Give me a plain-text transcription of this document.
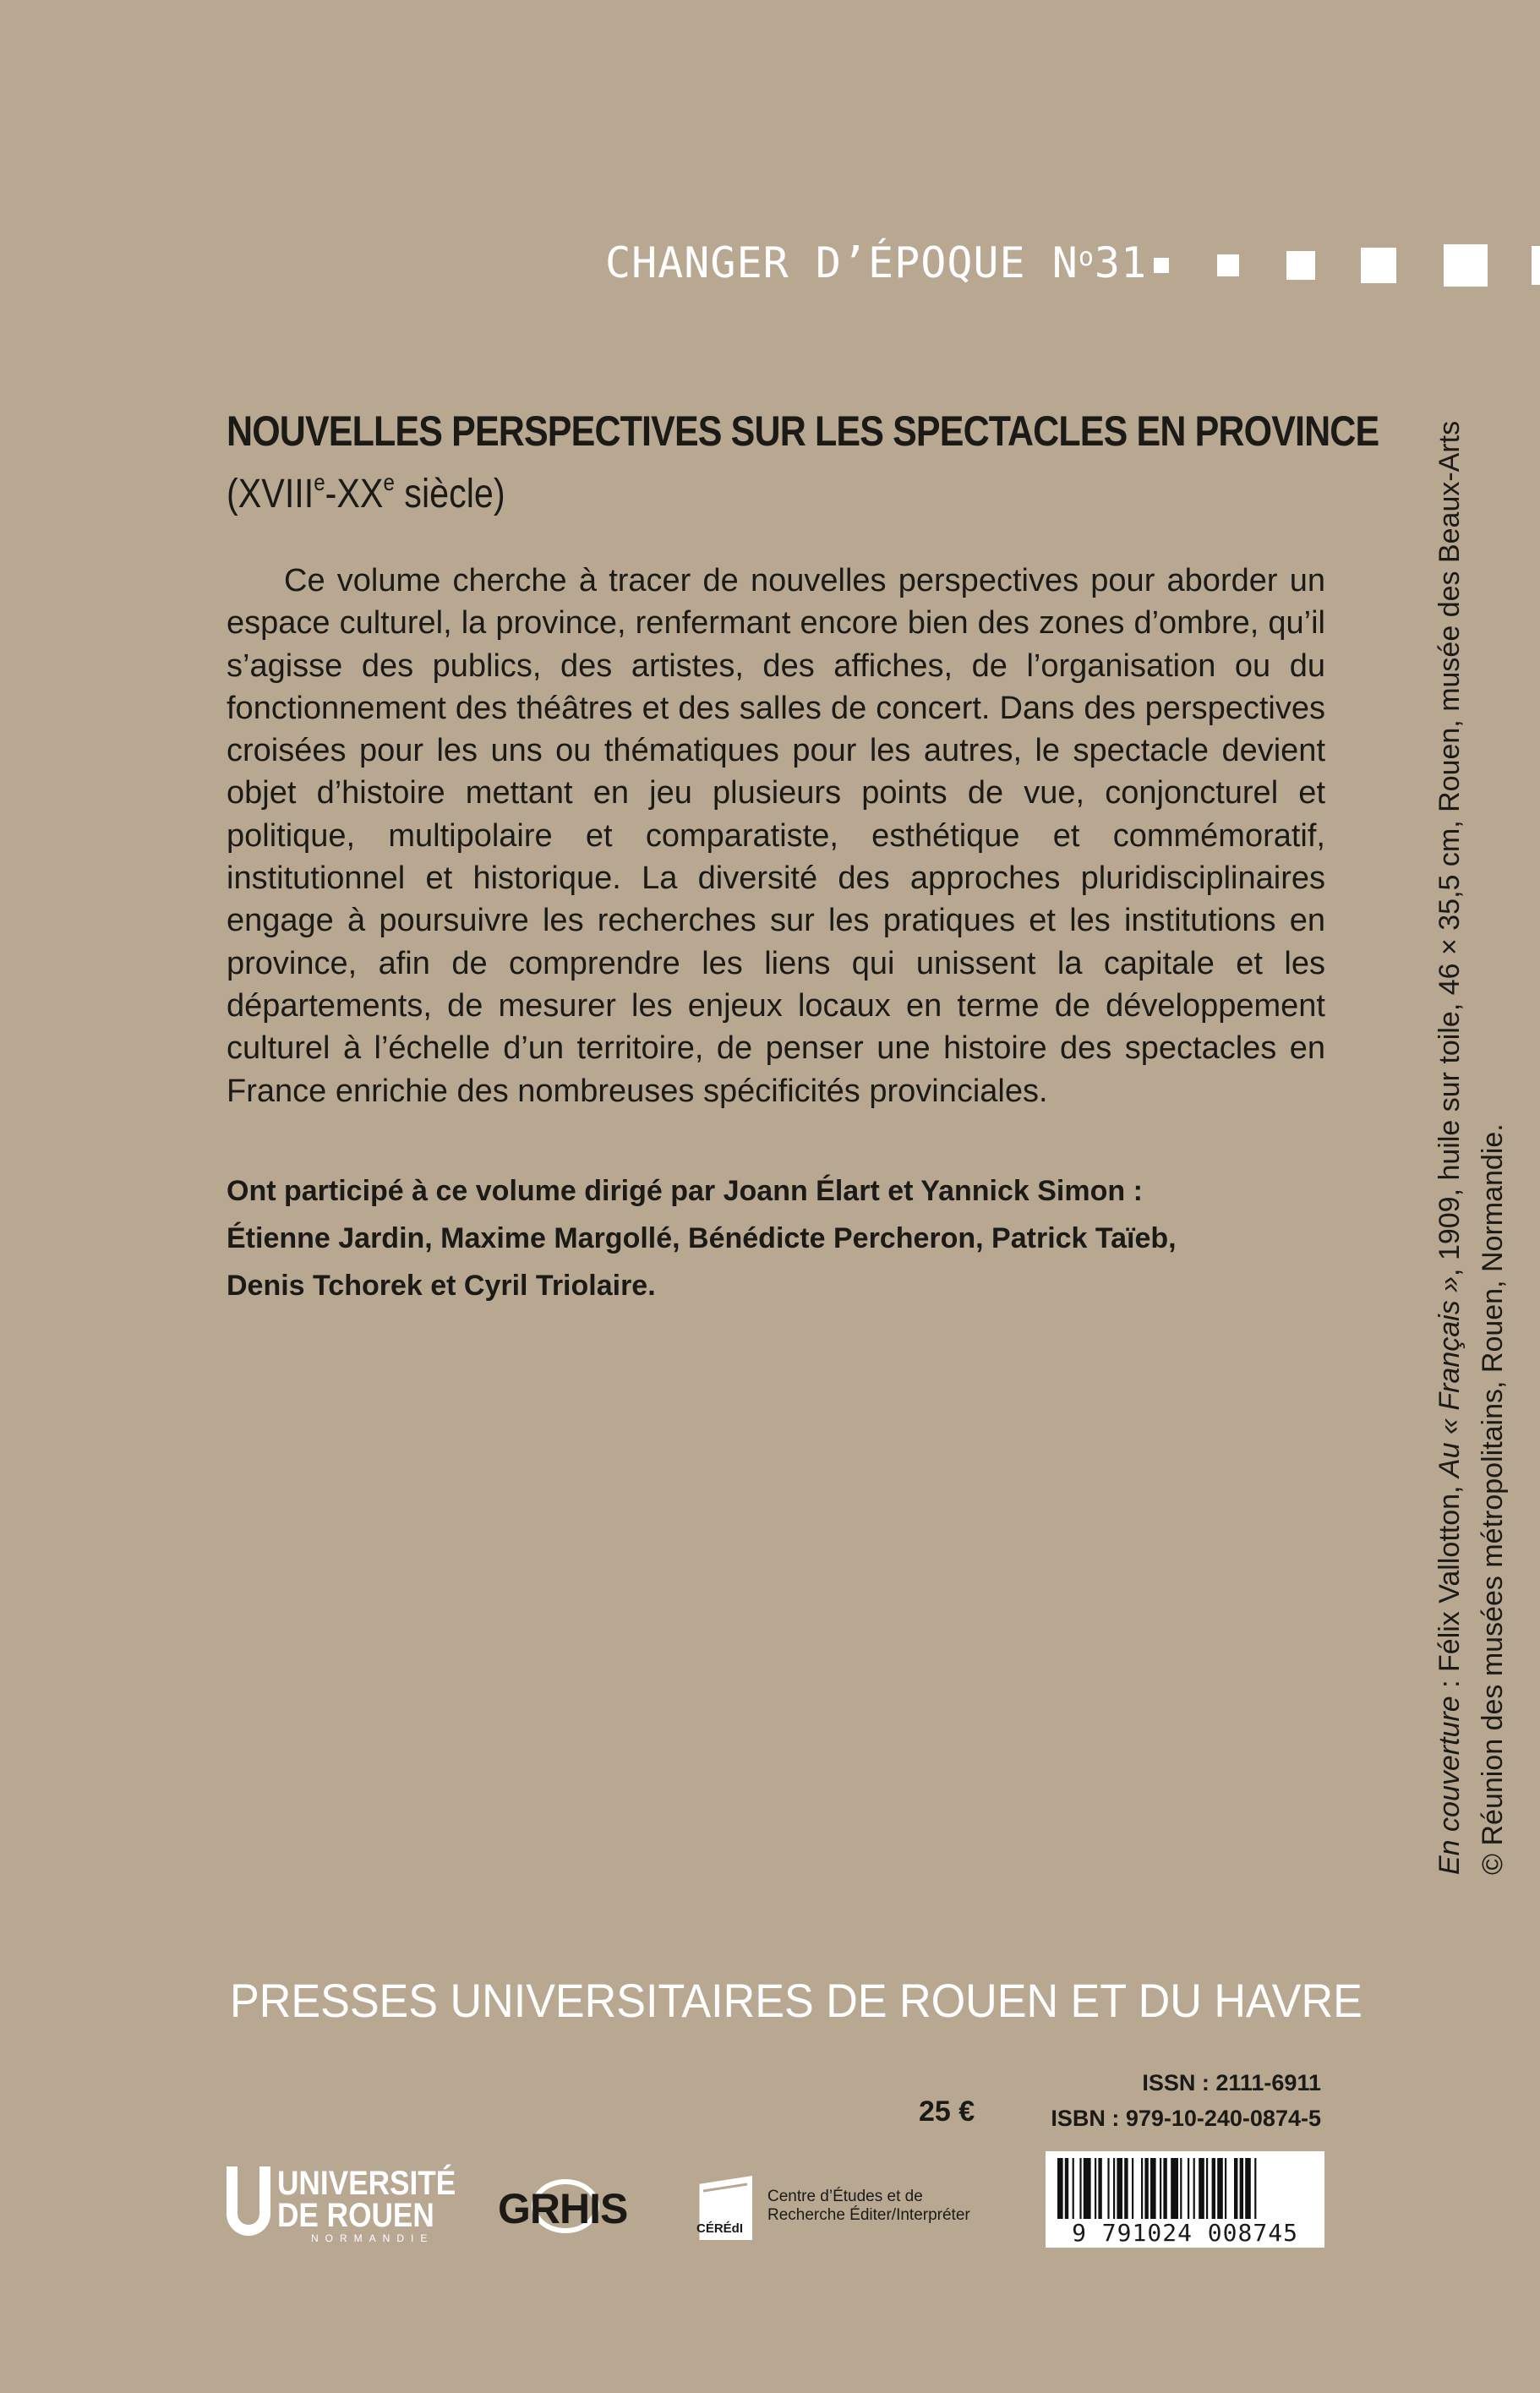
CHANGER D’ÉPOQUE $N^o31$
NOUVELLES PERSPECTIVES SUR LES SPECTACLES EN PROVINCE
(XVIIIe-XXe siècle)

Ce volume cherche à tracer de nouvelles perspectives pour aborder un espace culturel, la province, renfermant encore bien des zones d’ombre, qu’il s’agisse des publics, des artistes, des affiches, de l’organisation ou du fonctionnement des théâtres et des salles de concert. Dans des perspectives croisées pour les uns ou thématiques pour les autres, le spectacle devient objet d’histoire mettant en jeu plusieurs points de vue, conjoncturel et politique, multipolaire et comparatiste, esthétique et commémoratif, institutionnel et historique. La diversité des approches pluridisciplinaires engage à poursuivre les recherches sur les pratiques et les institutions en province, afin de comprendre les liens qui unissent la capitale et les départements, de mesurer les enjeux locaux en terme de développement culturel à l’échelle d’un territoire, de penser une histoire des spectacles en France enrichie des nombreuses spécificités provinciales.

Ont participé à ce volume dirigé par Joann Élart et Yannick Simon :
Étienne Jardin, Maxime Margollé, Bénédicte Percheron, Patrick Taïeb,
Denis Tchorek et Cyril Triolaire.
En couverture : Félix Vallotton, Au « Français », 1909, huile sur toile, 46 × 35,5 cm, Rouen, musée des Beaux-Arts
© Réunion des musées métropolitains, Rouen, Normandie.
PRESSES UNIVERSITAIRES DE ROUEN ET DU HAVRE
25 €
ISSN : 2111-6911
ISBN : 979-10-240-0874-5
9 791024 008745
UNIVERSITÉ
DE ROUEN
NORMANDIE
GRHIS	CÉRÉdI
Centre d’Études et de
Recherche Éditer/Interpréter
